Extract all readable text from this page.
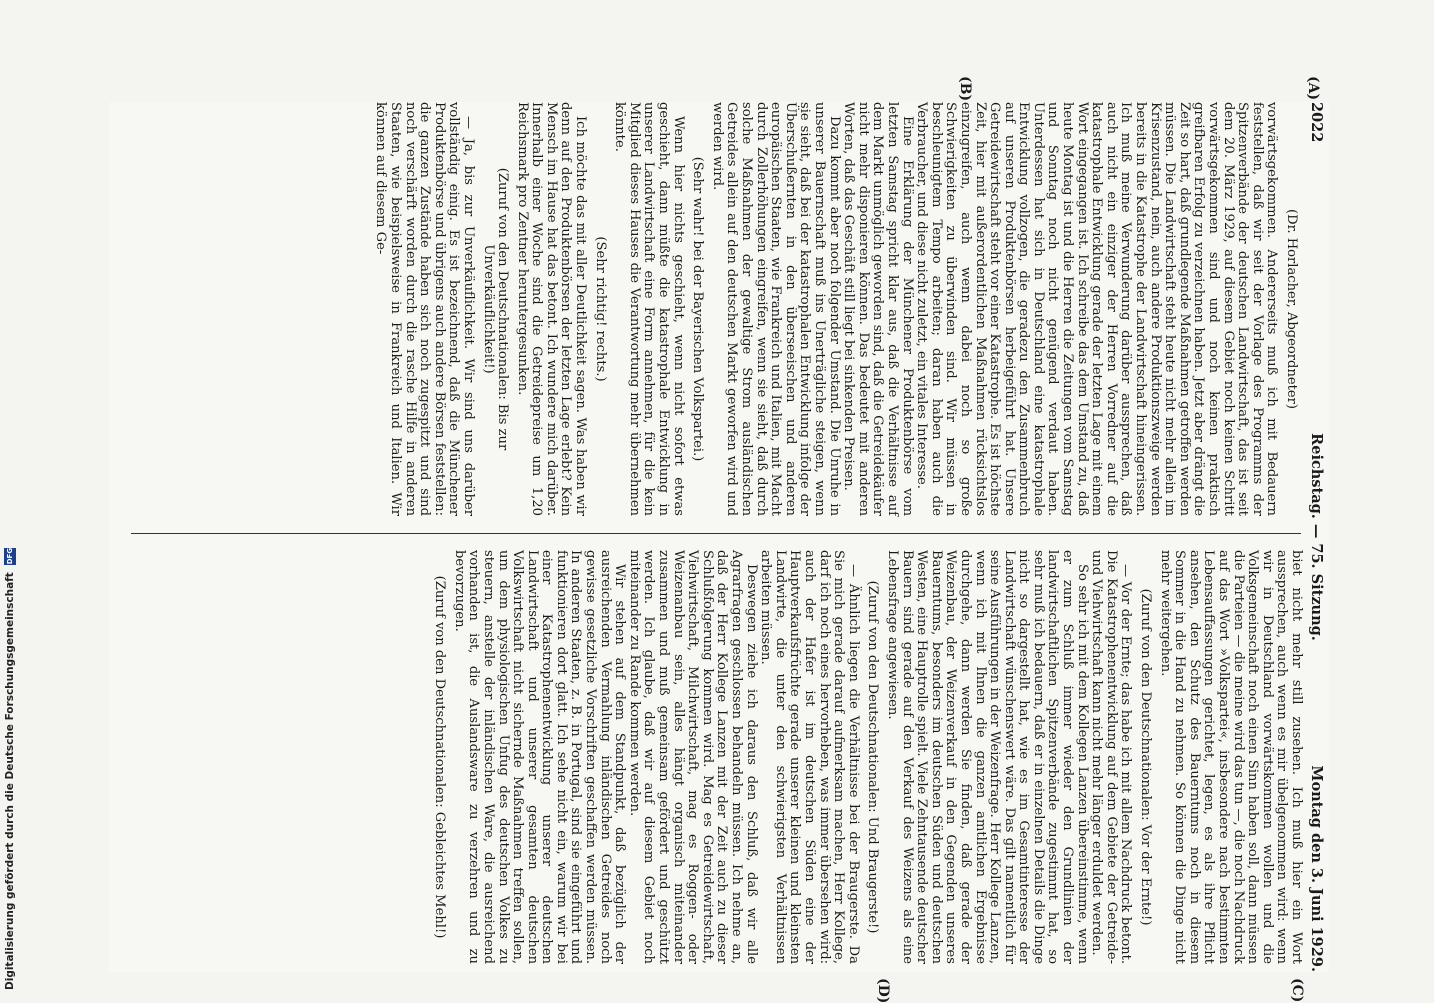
2022
Reichstag. — 75. Sitzung.
Montag den 3. Juni 1929.
(A)
(B)
(C)
(D)

(Dr. Horlacher, Abgeordneter)

vorwärtsgekommen. Andererseits muß ich mit Bedauern feststellen, daß wir seit der Vorlage des Programms der Spitzenverbände der deutschen Landwirtschaft, das ist seit dem 20. März 1929, auf diesem Gebiet noch keinen Schritt vorwärtsgekommen sind und noch keinen praktisch greifbaren Erfolg zu verzeichnen haben. Jetzt aber drängt die Zeit so hart, daß grundlegende Maßnahmen getroffen werden müssen. Die Landwirtschaft steht heute nicht mehr allein im Krisenzustand, nein, auch andere Produktionszweige werden bereits in die Katastrophe der Landwirtschaft hineingerissen. Ich muß meine Verwunderung darüber aussprechen, daß auch nicht ein einziger der Herren Vorredner auf die katastrophale Entwicklung gerade der letzten Lage mit einem Wort eingegangen ist. Ich schreibe das dem Umstand zu, daß heute Montag ist und die Herren die Zeitungen vom Samstag und Sonntag noch nicht genügend verdaut haben. Unterdessen hat sich in Deutschland eine katastrophale Entwicklung vollzogen, die geradezu den Zusammenbruch auf unseren Produktenbörsen herbeigeführt hat. Unsere Getreidewirtschaft steht vor einer Katastrophe. Es ist höchste Zeit, hier mit außerordentlichen Maßnahmen rücksichtslos einzugreifen, auch wenn dabei noch so große Schwierigkeiten zu überwinden sind. Wir müssen in beschleunigtem Tempo arbeiten; daran haben auch die Verbraucher, und diese nicht zuletzt, ein vitales Interesse.

Eine Erklärung der Münchener Produktenbörse vom letzten Samstag spricht klar aus, daß die Verhältnisse auf dem Markt unmöglich geworden sind, daß die Getreidekäufer nicht mehr disponieren können. Das bedeutet mit anderen Worten, daß das Geschäft still liegt bei sinkenden Preisen.

Dazu kommt aber noch folgender Umstand. Die Unruhe in unserer Bauernschaft muß ins Unerträgliche steigen, wenn sie sieht, daß bei der katastrophalen Entwicklung infolge der Überschußernten in den überseeischen und anderen europäischen Staaten, wie Frankreich und Italien, mit Macht durch Zollerhöhungen eingreifen, wenn sie sieht, daß durch solche Maßnahmen der gewaltige Strom ausländischen Getreides allein auf den deutschen Markt geworfen wird und werden wird.

(Sehr wahr! bei der Bayerischen Volkspartei.)

Wenn hier nichts geschieht, wenn nicht sofort etwas geschieht, dann müßte die katastrophale Entwicklung in unserer Landwirtschaft eine Form annehmen, für die kein Mitglied dieses Hauses die Verantwortung mehr übernehmen könnte.

(Sehr richtig! rechts.)

Ich möchte das mit aller Deutlichkeit sagen. Was haben wir denn auf den Produktenbörsen der letzten Lage erlebt? Kein Mensch im Hause hat das betont. Ich wundere mich darüber. Innerhalb einer Woche sind die Getreidepreise um 1,20 Reichsmark pro Zentner heruntergesunken.

(Zuruf von den Deutschnationalen: Bis zur Unverkäuflichkeit!)

— Ja, bis zur Unverkäuflichkeit. Wir sind uns darüber vollständig einig. Es ist bezeichnend, daß die Münchener Produktenbörse und übrigens auch andere Börsen feststellen: die ganzen Zustände haben sich noch zugespitzt und sind noch verschärft worden durch die rasche Hilfe in anderen Staaten, wie beispielsweise in Frankreich und Italien. Wir können auf diesem Ge-

biet nicht mehr still zusehen. Ich muß hier ein Wort aussprechen, auch wenn es mir übelgenommen wird: wenn wir in Deutschland vorwärtskommen wollen und die Volksgemeinschaft noch einen Sinn haben soll, dann müssen die Parteien — die meine wird das tun —, die noch Nachdruck auf das Wort »Volkspartei«, insbesondere nach bestimmten Lebensauffassungen gerichtet, legen, es als ihre Pflicht ansehen, den Schutz des Bauerntums noch in diesem Sommer in die Hand zu nehmen. So können die Dinge nicht mehr weitergehen.

(Zuruf von den Deutschnationalen: Vor der Ernte!)

— Vor der Ernte; das habe ich mit allem Nachdruck betont. Die Katastrophenentwicklung auf dem Gebiete der Getreide- und Viehwirtschaft kann nicht mehr länger erduldet werden.

So sehr ich mit dem Kollegen Lanzen übereinstimme, wenn er zum Schluß immer wieder den Grundlinien der landwirtschaftlichen Spitzenverbände zugestimmt hat, so sehr muß ich bedauern, daß er in einzelnen Details die Dinge nicht so dargestellt hat, wie es im Gesamtinteresse der Landwirtschaft wünschenswert wäre. Das gilt namentlich für seine Ausführungen in der Weizenfrage. Herr Kollege Lanzen, wenn ich mit Ihnen die ganzen amtlichen Ergebnisse durchgehe, dann werden Sie finden, daß gerade der Weizenbau, der Weizenverkauf in den Gegenden unseres Bauerntums, besonders im deutschen Süden und deutschen Westen, eine Hauptrolle spielt. Viele Zehntausende deutscher Bauern sind gerade auf den Verkauf des Weizens als eine Lebensfrage angewiesen.

(Zuruf von den Deutschnationalen: Und Braugerste!)

— Ähnlich liegen die Verhältnisse bei der Braugerste. Da Sie mich gerade darauf aufmerksam machen, Herr Kollege, darf ich noch eines hervorheben, was immer übersehen wird: auch der Hafer ist im deutschen Süden eine der Hauptverkaufsfrüchte gerade unserer kleinen und kleinsten Landwirte, die unter den schwierigsten Verhältnissen arbeiten müssen.

Deswegen ziehe ich daraus den Schluß, daß wir alle Agrarfragen geschlossen behandeln müssen. Ich nehme an, daß der Herr Kollege Lanzen mit der Zeit auch zu dieser Schlußfolgerung kommen wird. Mag es Getreidewirtschaft, Viehwirtschaft, Milchwirtschaft, mag es Roggen- oder Weizenanbau sein, alles hängt organisch miteinander zusammen und muß gemeinsam gefördert und geschützt werden. Ich glaube, daß wir auf diesem Gebiet noch miteinander zu Rande kommen werden.

Wir stehen auf dem Standpunkt, daß bezüglich der ausreichenden Vermahlung inländischen Getreides noch gewisse gesetzliche Vorschriften geschaffen werden müssen. In anderen Staaten, z. B. in Portugal, sind sie eingeführt und funktionieren dort glatt. Ich sehe nicht ein, warum wir bei einer Katastrophenentwicklung unserer deutschen Landwirtschaft und unserer gesamten deutschen Volkswirtschaft nicht sichernde Maßnahmen treffen sollen, um dem physiologischen Unfug des deutschen Volkes zu steuern, anstelle der inländischen Ware, die ausreichend vorhanden ist, die Auslandsware zu verzehren und zu bevorzugen.

(Zuruf von den Deutschnationalen: Gebleichtes Mehl!)

Digitalisierung gefördert durch die Deutsche Forschungsgemeinschaft DFG
